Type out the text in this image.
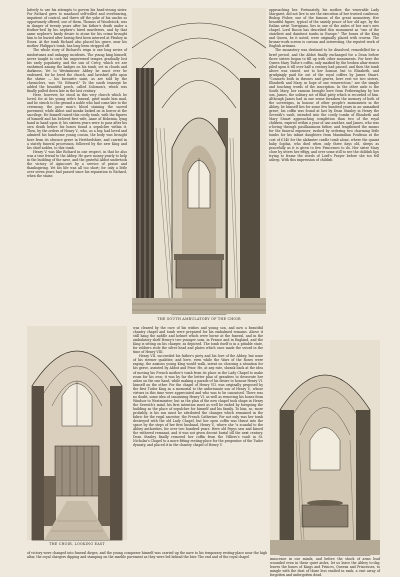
latterly to use his attempts to govern his head-strong sister. For Richard grew to manhood self-willed and overbearing, impatient of control, and threw off the yoke of his uncles so opportunely offered; one of them, Thomas of Woodstock, was in danger of twenty years after his father's death under a feather-bed by his nephew's hired murderers, and by that same nephew's hardy desire to atone for his crime brought him to be buried after having first been interred at Pleshey in Essex. At the tomb Richard also placed his grave, near his mother Philippa's tomb, has long been stripped off.

The whole story of Richard's reign is one long series of misfortunes and unhappy incidents. The young king himself, never taught to curb his ungoverned temper, gradually lost his early popularity, and the sun of Crécy, which we are enshrined among the badges on his tomb, set in clouds and darkness. Yet to Westminster Abbey he must ever be endeared, for he loved the church, and lavished gifts upon the shrine — his favourite saint, as are told by the chroniclers, was "St. Edward." To the south transept he added the beautiful porch, called Solomon's, which was finally pulled down late in the last century.

Here, however, he stood in this very church which he loved, for at his young wife's funeral, grief made him mad, and he struck to the ground a noble who had come late to the ceremony, the poor man's blood staining the sacred pavement; while Abbot and monks looked on in horror at the sacrilege. He himself raised this costly tomb, with the figures of himself and his beloved first wife, Anne of Bohemia, lying hand in hand upon it; his sixteen years were to pass after his own death before his bones found a sepulchre within it. Then, by the orders of Henry V., who, as a boy, had loved and admired his handsome young cousin, the body was brought here from its obscure grave in Hertfordshire, and carried in a stately funeral procession, followed by the new King and his chief nobles, to this tomb.

Henry V. was like Richard in one respect, in that he also was a true friend to the Abbey. He gave money yearly to help in the building of the nave, and the grateful Abbot undertook the victory of Agincourt by a service of praise and thanksgiving. Yet his life was all too short; for only a little over seven years had passed since his reparation to Richard, when the stains

was cleared by the cure of his wishes and young son, and now a beautiful chantry chapel and tomb were prepared for his embalmed remains. Above it still hang the saddle and helmet which were borne at the funeral, and in the ambulatory shelf Henry's two younger sons, in France and in England, and the King is sitting on his charger, as depicted. The tomb itself is in a pitiable state, for robbers stole the silver head and plates which once made the sword in the time of Henry VIII.

Henry VII. succeeded his father's piety and his love of the Abbey, but none of his sterner qualities; and here, even while the Wars of the Roses were raging, the anxious young King would walk, intent on choosing a situation for his grave, assisted by Abbot and Prior. He, at any rate, shrank back at the idea of moving his French mother's tomb from its place in the Lady Chapel to make room for his own; it was by far the better plan of grandees to desecrate her ashes on the one hand, while making a parade of his desire to honour Henry VI. himself on the other. For the chapel of Henry VII. was originally proposed by the first Tudor King as a memorial to the unfortunate son of Henry V., whose virtues in this time were appreciated and who was to be canonised. There was no doubt, some idea of canonising Henry VI. as well as removing his bones from Windsor to Westminster; but as the plan of the new chapel took shape in Henry the Seventh's mind, his first intention must as well be ended by foregoing the building as the place of sepulchre for himself and his family. To him, so, more probably, is his son must be attributed the changes which remained in the fabric for the regal ancestor, the French Catherine. For not only was her tomb destroyed with the old Lady Chapel, but her open coffin was thrust into the space by the steps of her first husband, Henry V., where she "a scandal to the Abbey authorities, for over two hundred years. Here old Pepys saw and kissed the withered remnant, and it was not given decent burial till the next century. Dean Stanley finally removed her coffin from the Villiers's vault in St. Nicholas's Chapel to a more fitting resting-place for the progenitor of the Tudor dynasty, and placed it in the chantry chapel of Henry V.

approaching her. Fortunately, his mother, the venerable Lady Margaret, did not live to see the execution of her trusted confessor, Bishop Fisher, one of the famous of the great monastery. Her beautiful figure, typical of the saintly peace of her old age, by the Italian artist Torrigiano, lies in one of the aisles of her son's new chapel. Lord Bacon has described this monument as "one of the stateliest and daintiest tombs in Europe." The bones of the King and Queen, be it noted, were originally placed with crowns. The bronze-work screen is curious and interesting, the reputed work of English artisans.

The monastery was destined to be dissolved, remodelled for a brief period, and the Abbot finally exchanged for a Dean before three sisters began to fill up with other monuments. For here the Queen Mary Tudor's coffin, only marked by the broken altar-stones piled upon it till over half a century had passed, and then the tomb above was raised, not to her honour, but to Elizabeth, and grudgingly paid for out of the royal coffers by James Stuart. "Consorts both in thrones and graves, here rest we two sisters, Elizabeth and Mary, in hope of one resurrection," are the simple and touching words of the inscription. In the other aisle is the South Mary, her ransom brought here from Fotheringhay by her son, James, the solitary act of filial piety which is recorded of him. Although James had in one sense forsaken the memory of both of the sovereigns, in honour of other people's monuments in the Abbey, he himself lies for some few hundred years in an unmarked grave; his coffin was found at last by Dean Stanley in Henry the Seventh's vault, intruded into the costly tombs of Elizabeth and Mary Stuart approaching completion than two of the royal children, expired within a year of one another, and James, who was a-loving through pusillanimous father, and lengthened the means for the funeral expenses; rushed by ordering two charming little tombs for his infant daughters from Maximilian Poulteau at the cost of £140 for the alabaster cradle tomb alone, where the quaint baby Sophia, who died when only three days old, sleeps as peacefully as it is given to few Princesses to do. Her sister Mary close by utters her effigy, and over some still to see the childish lips trying to frame the words of Lord's Prayer before she too fell asleep. With this impression of childish

of victory were changed into funeral dirges, and the young conqueror himself was carried up the nave to his temporary resting-place near the high altar, the royal chargers dipping and stamping on the marble pavement as they were led behind the bier. The end and of the royal chapel	innocence in our minds, and before the shock of arms lead wounded even in these quiet aisles, let us leave the Abbey to-day, leaves the bones of Kings and Princes, Queens and Princesses, to mingle with the dust of those less exalted in rank, a vast array of forgotten and unforgotten dead.

THE SOUTH AMBULATORY OF THE CHOIR
THE CHOIR, LOOKING EAST
